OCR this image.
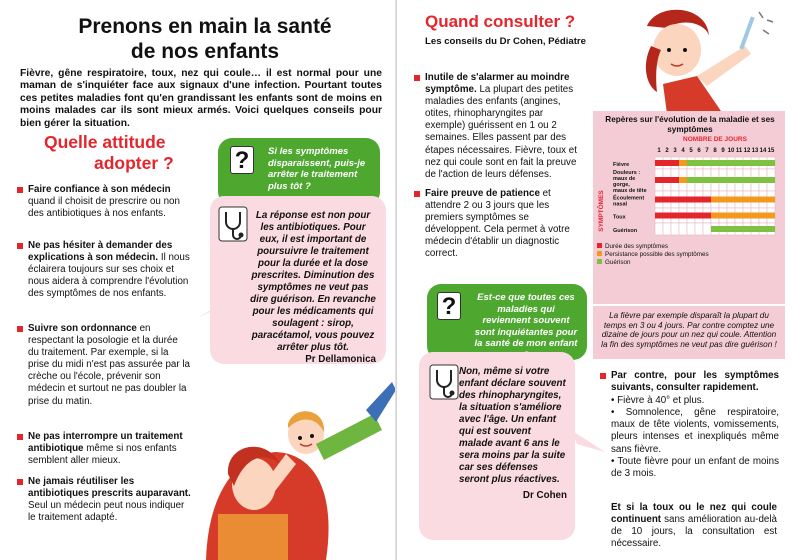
Prenons en main la santé
de nos enfants

Fièvre, gêne respiratoire, toux, nez qui coule… il est normal pour une maman de s'inquiéter face aux signaux d'une infection. Pourtant toutes ces petites maladies font qu'en grandissant les enfants sont de moins en moins malades car ils sont mieux armés. Voici quelques conseils pour bien gérer la situation.

Quelle attitude
adopter ?
Faire confiance à son médecin quand il choisit de prescrire ou non des antibiotiques à nos enfants.
Ne pas hésiter à demander des explications à son médecin. Il nous éclairera toujours sur ses choix et nous aidera à comprendre l'évolution des symptômes de nos enfants.
Suivre son ordonnance en respectant la posologie et la durée du traitement. Par exemple, si la prise du midi n'est pas assurée par la crèche ou l'école, prévenir son médecin et surtout ne pas doubler la prise du matin.
Ne pas interrompre un traitement antibiotique même si nos enfants semblent aller mieux.
Ne jamais réutiliser les antibiotiques prescrits auparavant. Seul un médecin peut nous indiquer le traitement adapté.
?	Si les symptômes disparaissent, puis-je arrêter le traitement plus tôt ?
La réponse est non pour les antibiotiques. Pour eux, il est important de poursuivre le traitement pour la durée et la dose prescrites. Diminution des symptômes ne veut pas dire guérison. En revanche pour les médicaments qui soulagent : sirop, paracétamol, vous pouvez arrêter plus tôt.
Pr Dellamonica
Quand consulter ?
Les conseils du Dr Cohen, Pédiatre
Inutile de s'alarmer au moindre symptôme. La plupart des petites maladies des enfants (angines, otites, rhinopharyngites par exemple) guérissent en 1 ou 2 semaines. Elles passent par des étapes nécessaires. Fièvre, toux et nez qui coule sont en fait la preuve de l'action de leurs défenses.
Faire preuve de patience et attendre 2 ou 3 jours que les premiers symptômes se développent. Cela permet à votre médecin d'établir un diagnostic correct.
?	Est-ce que toutes ces maladies qui reviennent souvent sont inquiétantes pour la santé de mon enfant
Non, même si votre enfant déclare souvent des rhinopharyngites, la situation s'améliore avec l'âge. Un enfant qui est souvent malade avant 6 ans le sera moins par la suite car ses défenses seront plus réactives.
Dr Cohen
Repères sur l'évolution de la maladie et ses symptômes
NOMBRE DE JOURS
1 2 3 4 5 6 7 8 9 10 11 12 13 14 15
SYMPTÔMES
Fièvre
Douleurs : maux de gorge, maux de tête
Écoulement nasal
Toux
Guérison
Durée des symptômes
Persistance possible des symptômes
Guérison
La fièvre par exemple disparaît la plupart du temps en 3 ou 4 jours. Par contre comptez une dizaine de jours pour un nez qui coule. Attention la fin des symptômes ne veut pas dire guérison !
Par contre, pour les symptômes suivants, consulter rapidement.
• Fièvre à 40° et plus.
• Somnolence, gêne respiratoire, maux de tête violents, vomissements, pleurs intenses et inexpliqués même sans fièvre.
• Toute fièvre pour un enfant de moins de 3 mois.
Et si la toux ou le nez qui coule continuent sans amélioration au-delà de 10 jours, la consultation est nécessaire.
